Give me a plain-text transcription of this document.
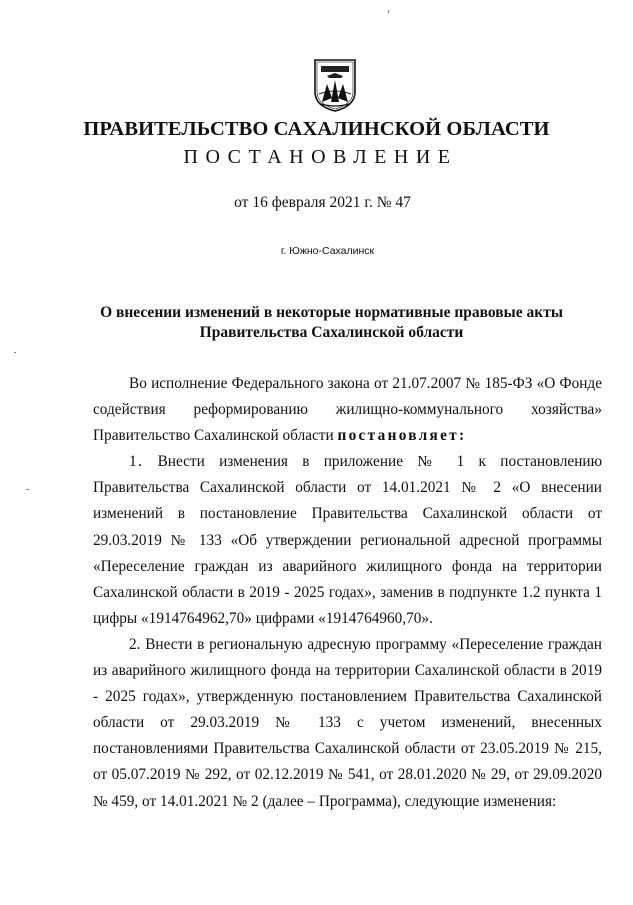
ПРАВИТЕЛЬСТВО САХАЛИНСКОЙ ОБЛАСТИ
ПОСТАНОВЛЕНИЕ
от 16 февраля 2021 г. № 47
г. Южно-Сахалинск
О внесении изменений в некоторые нормативные правовые акты
Правительства Сахалинской области

Во исполнение Федерального закона от 21.07.2007 № 185-ФЗ «О Фонде

содействия реформированию жилищно-коммунального хозяйства»

Правительство Сахалинской области постановляет:

1. Внести изменения в приложение № 1 к постановлению Правительства Сахалинской области от 14.01.2021 № 2 «О внесении изменений в постановление Правительства Сахалинской области от 29.03.2019 № 133 «Об утверждении региональной адресной программы «Переселение граждан из аварийного жилищного фонда на территории Сахалинской области в 2019 - 2025 годах», заменив в подпункте 1.2 пункта 1 цифры «1914764962,70» цифрами «1914764960,70».

2. Внести в региональную адресную программу «Переселение граждан из аварийного жилищного фонда на территории Сахалинской области в 2019 - 2025 годах», утвержденную постановлением Правительства Сахалинской области от 29.03.2019 № 133 с учетом изменений, внесенных постановлениями Правительства Сахалинской области от 23.05.2019 № 215, от 05.07.2019 № 292, от 02.12.2019 № 541, от 28.01.2020 № 29, от 29.09.2020 № 459, от 14.01.2021 № 2 (далее – Программа), следующие изменения:
